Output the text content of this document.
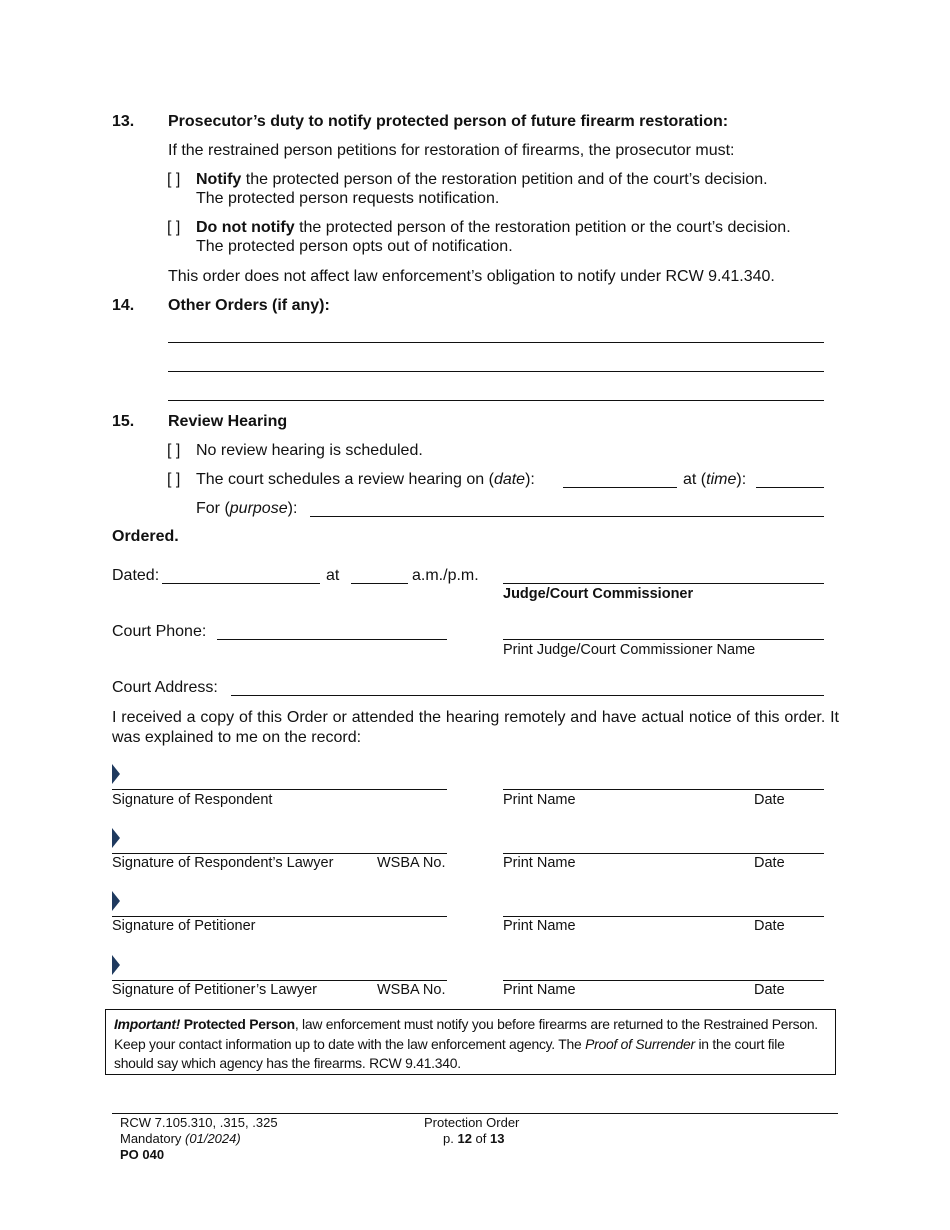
13. Prosecutor’s duty to notify protected person of future firearm restoration:
If the restrained person petitions for restoration of firearms, the prosecutor must:
[ ] Notify the protected person of the restoration petition and of the court’s decision.
The protected person requests notification.
[ ] Do not notify the protected person of the restoration petition or the court’s decision.
The protected person opts out of notification.
This order does not affect law enforcement’s obligation to notify under RCW 9.41.340.
14. Other Orders (if any):
15. Review Hearing
[ ] No review hearing is scheduled.
[ ] The court schedules a review hearing on (date):	at (time):
For (purpose):
Ordered.
Dated:	at	a.m./p.m.
Judge/Court Commissioner
Court Phone:
Print Judge/Court Commissioner Name
Court Address:
I received a copy of this Order or attended the hearing remotely and have actual notice of this order. It was explained to me on the record:
Signature of Respondent	Print Name	Date
Signature of Respondent’s Lawyer	WSBA No.	Print Name	Date
Signature of Petitioner	Print Name	Date
Signature of Petitioner’s Lawyer	WSBA No.	Print Name	Date
Important! Protected Person, law enforcement must notify you before firearms are returned to the Restrained Person. Keep your contact information up to date with the law enforcement agency. The Proof of Surrender in the court file should say which agency has the firearms. RCW 9.41.340.
RCW 7.105.310, .315, .325
Mandatory (01/2024)
PO 040
Protection Order
p. 12 of 13
